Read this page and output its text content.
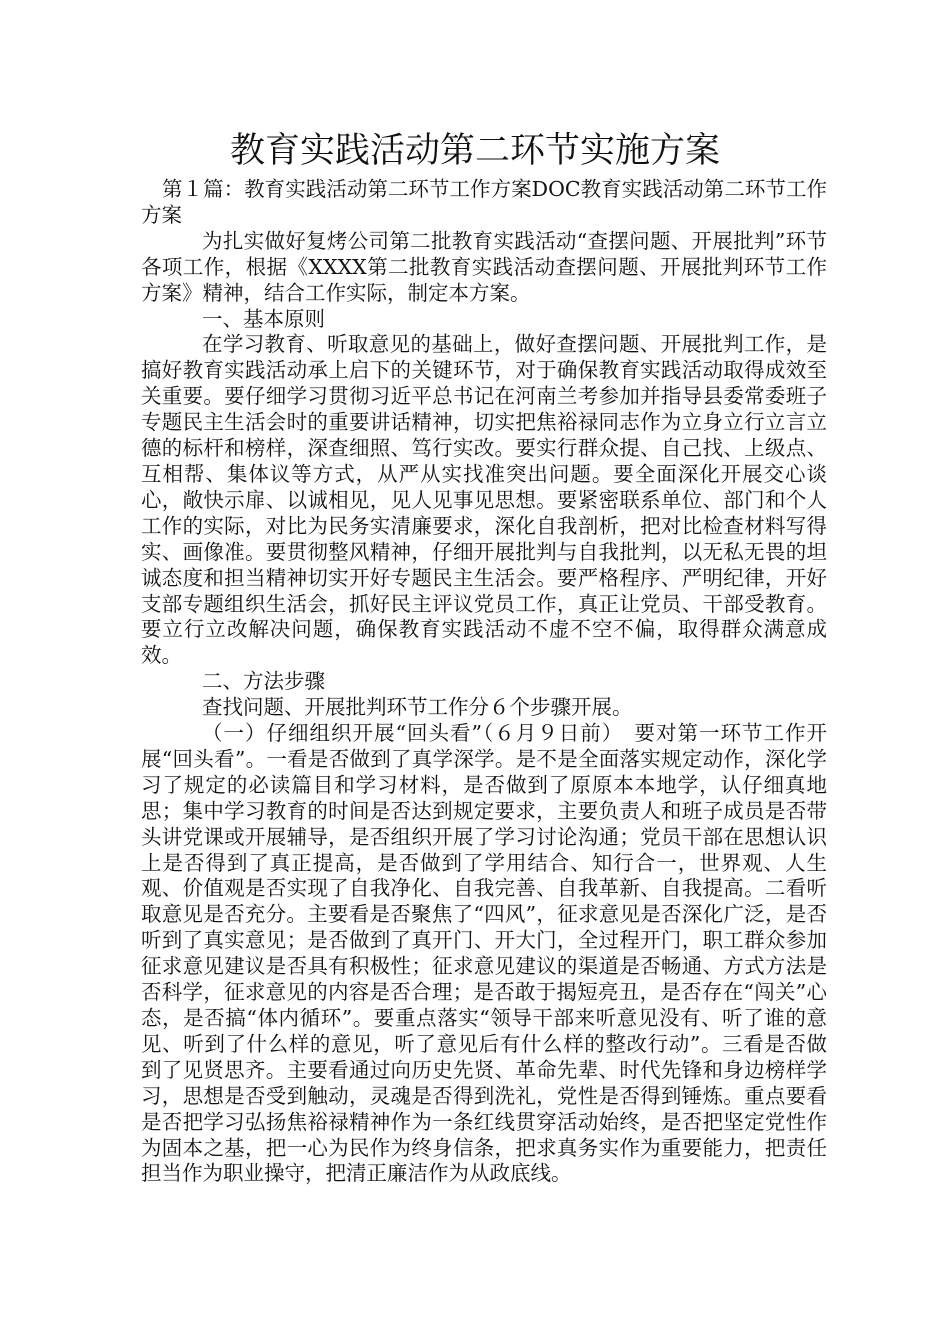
教育实践活动第二环节实施方案

第１篇：教育实践活动第二环节工作方案DOC教育实践活动第二环节工作方案

为扎实做好复烤公司第二批教育实践活动“查摆问题、开展批判”环节各项工作，根据《XXXX第二批教育实践活动查摆问题、开展批判环节工作方案》精神，结合工作实际，制定本方案。

一、基本原则

在学习教育、听取意见的基础上，做好查摆问题、开展批判工作，是搞好教育实践活动承上启下的关键环节，对于确保教育实践活动取得成效至关重要。要仔细学习贯彻习近平总书记在河南兰考参加并指导县委常委班子专题民主生活会时的重要讲话精神，切实把焦裕禄同志作为立身立行立言立德的标杆和榜样，深查细照、笃行实改。要实行群众提、自己找、上级点、互相帮、集体议等方式，从严从实找准突出问题。要全面深化开展交心谈心，敞快示扉、以诚相见，见人见事见思想。要紧密联系单位、部门和个人工作的实际，对比为民务实清廉要求，深化自我剖析，把对比检查材料写得实、画像准。要贯彻整风精神，仔细开展批判与自我批判，以无私无畏的坦诚态度和担当精神切实开好专题民主生活会。要严格程序、严明纪律，开好支部专题组织生活会，抓好民主评议党员工作，真正让党员、干部受教育。要立行立改解决问题，确保教育实践活动不虚不空不偏，取得群众满意成效。

二、方法步骤

查找问题、开展批判环节工作分６个步骤开展。

（一）仔细组织开展“回头看”（６月９日前）　要对第一环节工作开展“回头看”。一看是否做到了真学深学。是不是全面落实规定动作，深化学习了规定的必读篇目和学习材料，是否做到了原原本本地学，认仔细真地思；集中学习教育的时间是否达到规定要求，主要负责人和班子成员是否带头讲党课或开展辅导，是否组织开展了学习讨论沟通；党员干部在思想认识上是否得到了真正提高，是否做到了学用结合、知行合一，世界观、人生观、价值观是否实现了自我净化、自我完善、自我革新、自我提高。二看听取意见是否充分。主要看是否聚焦了“四风”，征求意见是否深化广泛，是否听到了真实意见；是否做到了真开门、开大门，全过程开门，职工群众参加征求意见建议是否具有积极性；征求意见建议的渠道是否畅通、方式方法是否科学，征求意见的内容是否合理；是否敢于揭短亮丑，是否存在“闯关”心态，是否搞“体内循环”。要重点落实“领导干部来听意见没有、听了谁的意见、听到了什么样的意见，听了意见后有什么样的整改行动”。三看是否做到了见贤思齐。主要看通过向历史先贤、革命先辈、时代先锋和身边榜样学习，思想是否受到触动，灵魂是否得到洗礼，党性是否得到锤炼。重点要看是否把学习弘扬焦裕禄精神作为一条红线贯穿活动始终，是否把坚定党性作为固本之基，把一心为民作为终身信条，把求真务实作为重要能力，把责任担当作为职业操守，把清正廉洁作为从政底线。
